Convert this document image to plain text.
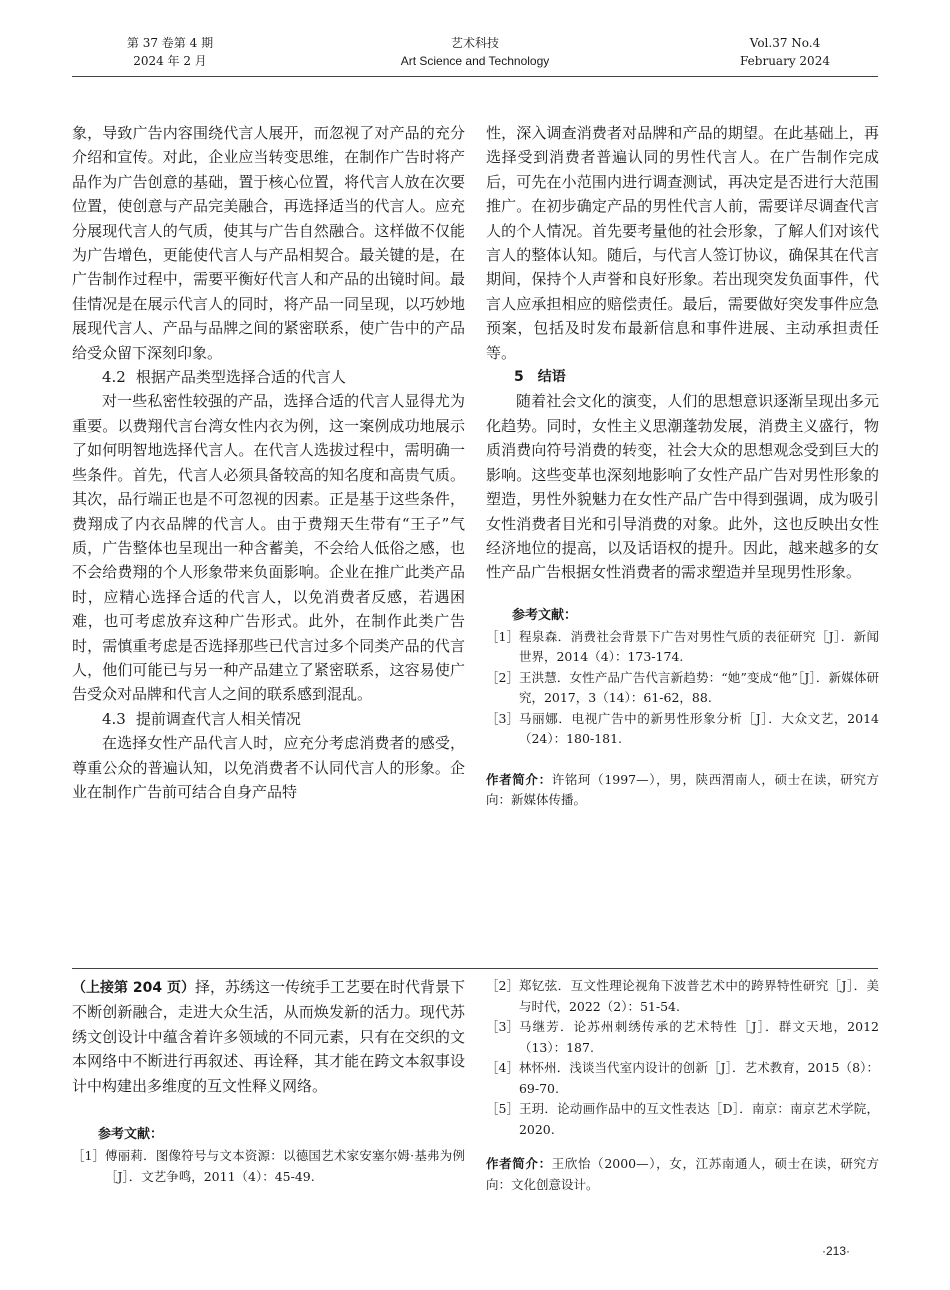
第 37 卷第 4 期
2024 年 2 月
艺术科技
Art Science and Technology
Vol.37 No.4
February 2024

象，导致广告内容围绕代言人展开，而忽视了对产品的充分介绍和宣传。对此，企业应当转变思维，在制作广告时将产品作为广告创意的基础，置于核心位置，将代言人放在次要位置，使创意与产品完美融合，再选择适当的代言人。应充分展现代言人的气质，使其与广告自然融合。这样做不仅能为广告增色，更能使代言人与产品相契合。最关键的是，在广告制作过程中，需要平衡好代言人和产品的出镜时间。最佳情况是在展示代言人的同时，将产品一同呈现，以巧妙地展现代言人、产品与品牌之间的紧密联系，使广告中的产品给受众留下深刻印象。

4.2 根据产品类型选择合适的代言人

对一些私密性较强的产品，选择合适的代言人显得尤为重要。以费翔代言台湾女性内衣为例，这一案例成功地展示了如何明智地选择代言人。在代言人选拔过程中，需明确一些条件。首先，代言人必须具备较高的知名度和高贵气质。其次，品行端正也是不可忽视的因素。正是基于这些条件，费翔成了内衣品牌的代言人。由于费翔天生带有“王子”气质，广告整体也呈现出一种含蓄美，不会给人低俗之感，也不会给费翔的个人形象带来负面影响。企业在推广此类产品时，应精心选择合适的代言人，以免消费者反感，若遇困难，也可考虑放弃这种广告形式。此外，在制作此类广告时，需慎重考虑是否选择那些已代言过多个同类产品的代言人，他们可能已与另一种产品建立了紧密联系，这容易使广告受众对品牌和代言人之间的联系感到混乱。

4.3 提前调查代言人相关情况

在选择女性产品代言人时，应充分考虑消费者的感受，尊重公众的普遍认知，以免消费者不认同代言人的形象。企业在制作广告前可结合自身产品特

性，深入调查消费者对品牌和产品的期望。在此基础上，再选择受到消费者普遍认同的男性代言人。在广告制作完成后，可先在小范围内进行调查测试，再决定是否进行大范围推广。在初步确定产品的男性代言人前，需要详尽调查代言人的个人情况。首先要考量他的社会形象，了解人们对该代言人的整体认知。随后，与代言人签订协议，确保其在代言期间，保持个人声誉和良好形象。若出现突发负面事件，代言人应承担相应的赔偿责任。最后，需要做好突发事件应急预案，包括及时发布最新信息和事件进展、主动承担责任等。

5 结语

随着社会文化的演变，人们的思想意识逐渐呈现出多元化趋势。同时，女性主义思潮蓬勃发展，消费主义盛行，物质消费向符号消费的转变，社会大众的思想观念受到巨大的影响。这些变革也深刻地影响了女性产品广告对男性形象的塑造，男性外貌魅力在女性产品广告中得到强调，成为吸引女性消费者目光和引导消费的对象。此外，这也反映出女性经济地位的提高，以及话语权的提升。因此，越来越多的女性产品广告根据女性消费者的需求塑造并呈现男性形象。

参考文献：

［1］ 程泉森．消费社会背景下广告对男性气质的表征研究［J］．新闻世界，2014（4）：173-174.
［2］ 王洪慧．女性产品广告代言新趋势：“她”变成“他”［J］．新媒体研究，2017，3（14）：61-62，88.
［3］ 马丽娜．电视广告中的新男性形象分析［J］．大众文艺，2014（24）：180-181.
作者简介：许铭珂（1997—），男，陕西渭南人，硕士在读，研究方向：新媒体传播。

（上接第 204 页）择，苏绣这一传统手工艺要在时代背景下不断创新融合，走进大众生活，从而焕发新的活力。现代苏绣文创设计中蕴含着许多领域的不同元素，只有在交织的文本网络中不断进行再叙述、再诠释，其才能在跨文本叙事设计中构建出多维度的互文性释义网络。

参考文献：

［1］ 傅丽莉．图像符号与文本资源：以德国艺术家安塞尔姆·基弗为例［J］．文艺争鸣，2011（4）：45-49.
［2］ 郑钇弦．互文性理论视角下波普艺术中的跨界特性研究［J］．美与时代，2022（2）：51-54.
［3］ 马继芳．论苏州刺绣传承的艺术特性［J］．群文天地，2012（13）：187.
［4］ 林怀州．浅谈当代室内设计的创新［J］．艺术教育，2015（8）：69-70.
［5］ 王玥．论动画作品中的互文性表达［D］．南京：南京艺术学院，2020.
作者简介：王欣怡（2000—），女，江苏南通人，硕士在读，研究方向：文化创意设计。
·213·
